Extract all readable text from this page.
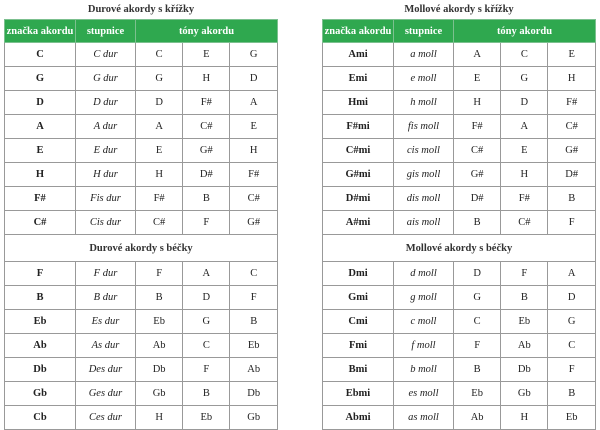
Durové akordy s křížky
značka akordu	stupnice	tóny akordu		
C	C dur	C	E	G
G	G dur	G	H	D
D	D dur	D	F#	A
A	A dur	A	C#	E
E	E dur	E	G#	H
H	H dur	H	D#	F#
F#	Fis dur	F#	B	C#
C#	Cis dur	C#	F	G#
Durové akordy s béčky				
F	F dur	F	A	C
B	B dur	B	D	F
Eb	Es dur	Eb	G	B
Ab	As dur	Ab	C	Eb
Db	Des dur	Db	F	Ab
Gb	Ges dur	Gb	B	Db
Cb	Ces dur	H	Eb	Gb
Mollové akordy s křížky
značka akordu	stupnice	tóny akordu		
Ami	a moll	A	C	E
Emi	e moll	E	G	H
Hmi	h moll	H	D	F#
F#mi	fis moll	F#	A	C#
C#mi	cis moll	C#	E	G#
G#mi	gis moll	G#	H	D#
D#mi	dis moll	D#	F#	B
A#mi	ais moll	B	C#	F
Mollové akordy s béčky				
Dmi	d moll	D	F	A
Gmi	g moll	G	B	D
Cmi	c moll	C	Eb	G
Fmi	f moll	F	Ab	C
Bmi	b moll	B	Db	F
Ebmi	es moll	Eb	Gb	B
Abmi	as moll	Ab	H	Eb
